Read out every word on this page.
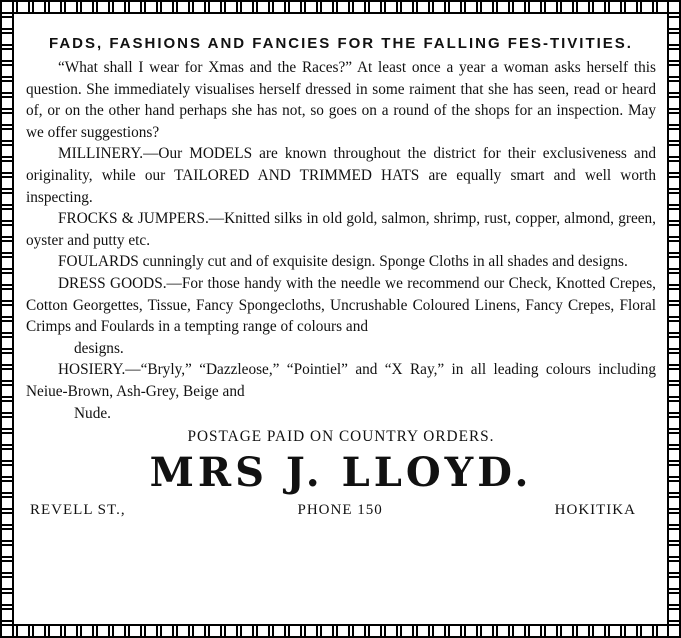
FADS, FASHIONS AND FANCIES FOR THE FALLING FES-TIVITIES.

“What shall I wear for Xmas and the Races?” At least once a year a woman asks herself this question. She immediately visualises herself dressed in some raiment that she has seen, read or heard of, or on the other hand perhaps she has not, so goes on a round of the shops for an inspection. May we offer suggestions?

MILLINERY.—Our MODELS are known throughout the district for their exclusiveness and originality, while our TAILORED AND TRIMMED HATS are equally smart and well worth inspecting.

FROCKS & JUMPERS.—Knitted silks in old gold, salmon, shrimp, rust, copper, almond, green, oyster and putty etc.

FOULARDS cunningly cut and of exquisite design. Sponge Cloths in all shades and designs.

DRESS GOODS.—For those handy with the needle we recommend our Check, Knotted Crepes, Cotton Georgettes, Tissue, Fancy Spongecloths, Uncrushable Coloured Linens, Fancy Crepes, Floral Crimps and Foulards in a tempting range of colours and

designs.

HOSIERY.—“Bryly,” “Dazzleose,” “Pointiel” and “X Ray,” in all leading colours including Neiue-Brown, Ash-Grey, Beige and

Nude.

POSTAGE PAID ON COUNTRY ORDERS.
MRS J. LLOYD.
REVELL ST.,	PHONE 150	HOKITIKA
